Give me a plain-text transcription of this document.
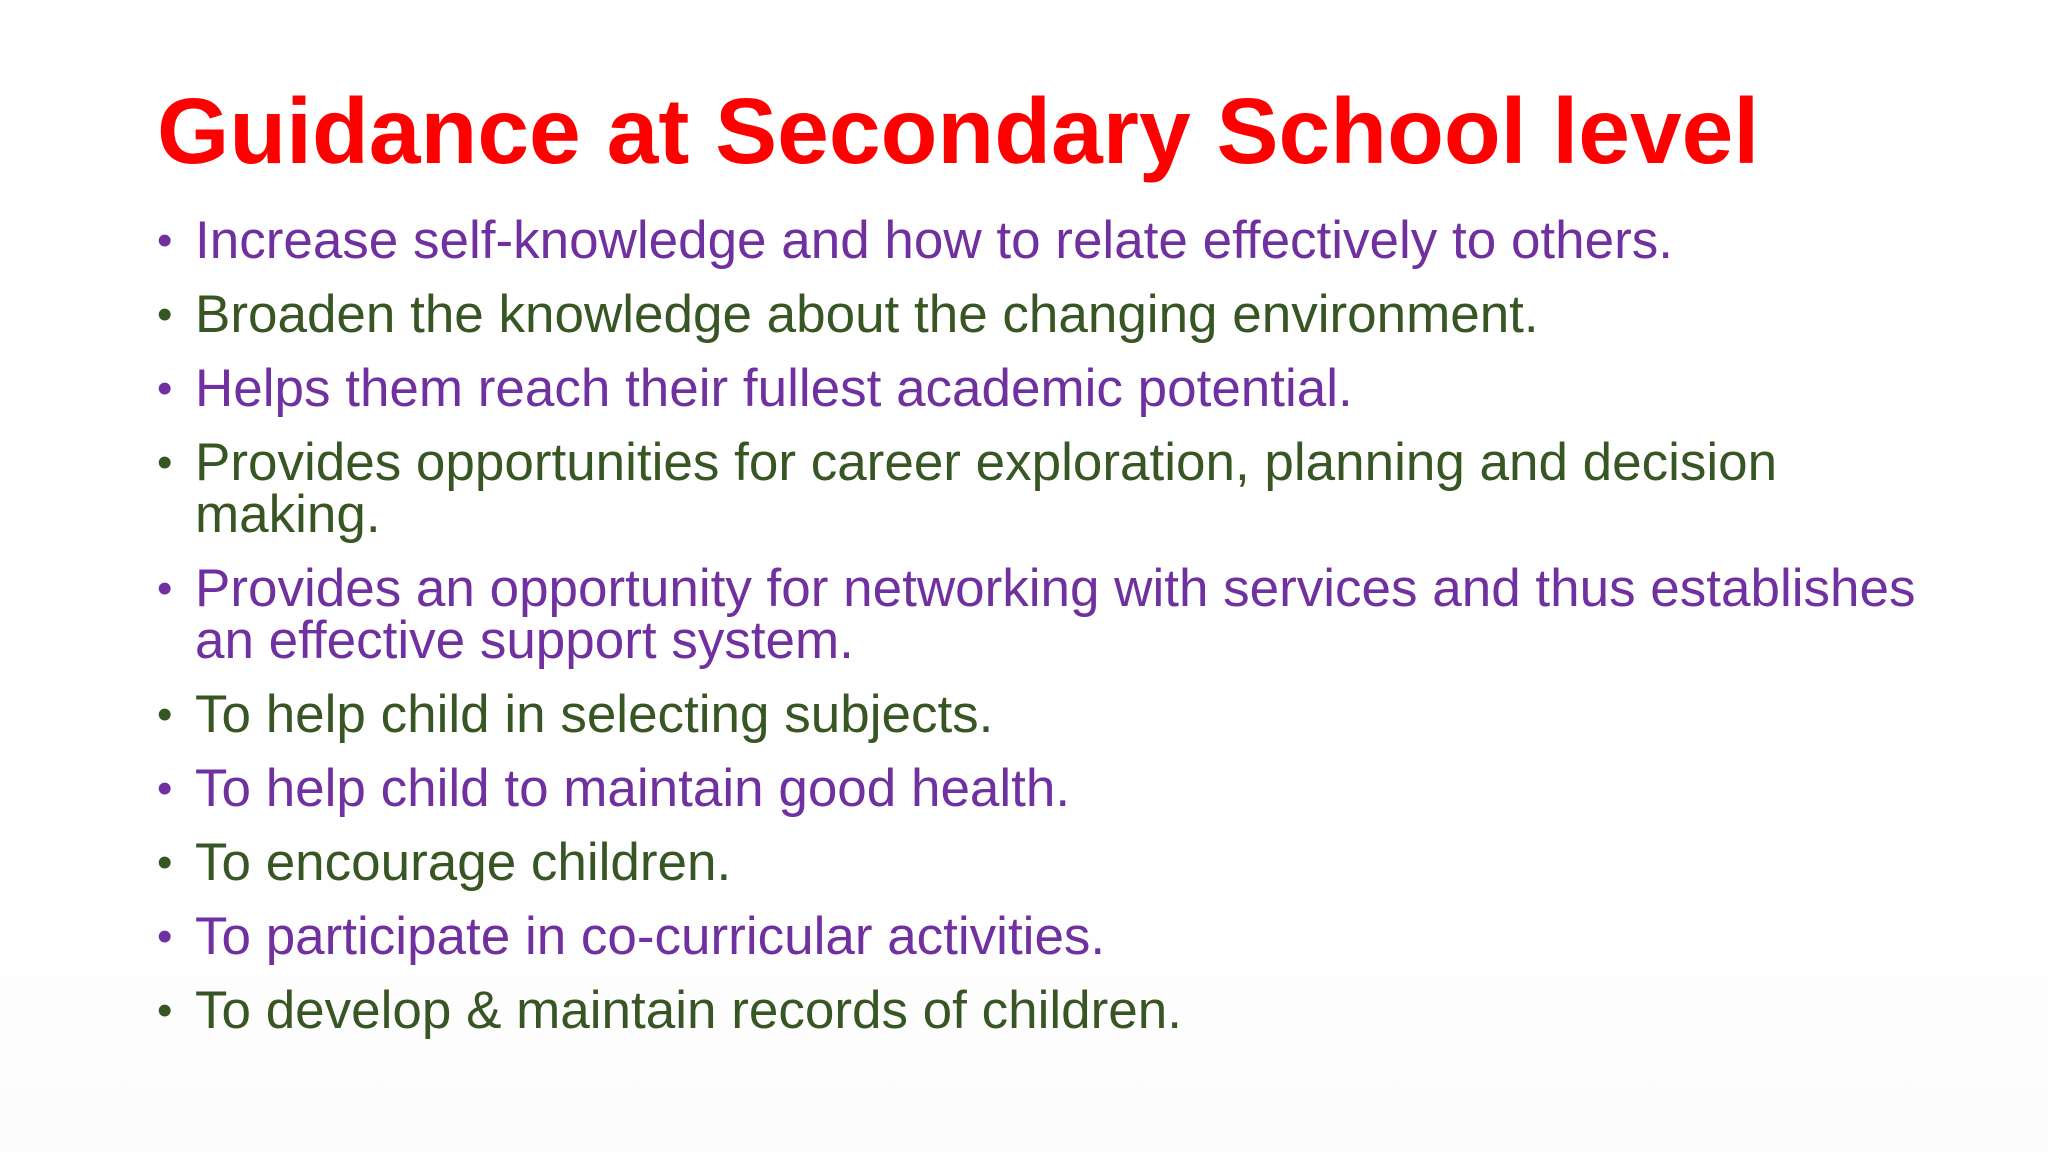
Guidance at Secondary School level
• Increase self-knowledge and how to relate effectively to others.
• Broaden the knowledge about the changing environment.
• Helps them reach their fullest academic potential.
• Provides opportunities for career exploration, planning and decision making.
• Provides an opportunity for networking with services and thus establishes an effective support system.
• To help child in selecting subjects.
• To help child to maintain good health.
• To encourage children.
• To participate in co-curricular activities.
• To develop & maintain records of children.
